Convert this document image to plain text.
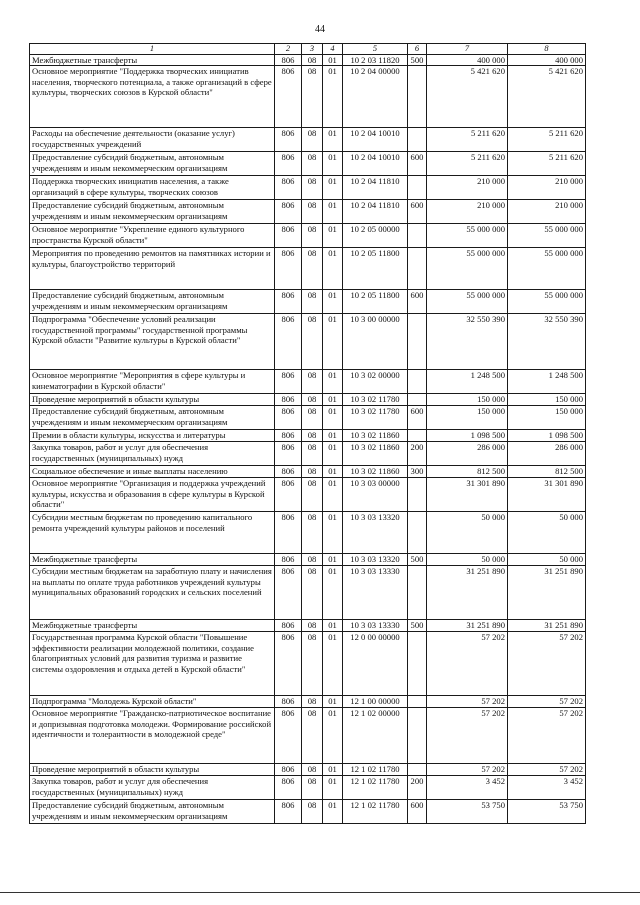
44
1	2	3	4	5	6	7	8
Межбюджетные трансферты	806	08	01	10 2 03 11820	500	400 000	400 000
Основное мероприятие "Поддержка творческих инициатив населения, творческого потенциала, а также организаций в сфере культуры, творческих союзов в Курской области"	806	08	01	10 2 04 00000		5 421 620	5 421 620
Расходы на обеспечение деятельности (оказание услуг) государственных учреждений	806	08	01	10 2 04 10010		5 211 620	5 211 620
Предоставление субсидий бюджетным, автономным учреждениям и иным некоммерческим организациям	806	08	01	10 2 04 10010	600	5 211 620	5 211 620
Поддержка творческих инициатив населения, а также организаций в сфере культуры, творческих союзов	806	08	01	10 2 04 11810		210 000	210 000
Предоставление субсидий бюджетным, автономным учреждениям и иным некоммерческим организациям	806	08	01	10 2 04 11810	600	210 000	210 000
Основное мероприятие "Укрепление единого культурного пространства Курской области"	806	08	01	10 2 05 00000		55 000 000	55 000 000
Мероприятия по проведению ремонтов на памятниках истории и культуры, благоустройство территорий	806	08	01	10 2 05 11800		55 000 000	55 000 000
Предоставление субсидий бюджетным, автономным учреждениям и иным некоммерческим организациям	806	08	01	10 2 05 11800	600	55 000 000	55 000 000
Подпрограмма "Обеспечение условий реализации государственной программы" государственной программы Курской области "Развитие культуры в Курской области"	806	08	01	10 3 00 00000		32 550 390	32 550 390
Основное мероприятие "Мероприятия в сфере культуры и кинематографии в Курской области"	806	08	01	10 3 02 00000		1 248 500	1 248 500
Проведение мероприятий в области культуры	806	08	01	10 3 02 11780		150 000	150 000
Предоставление субсидий бюджетным, автономным учреждениям и иным некоммерческим организациям	806	08	01	10 3 02 11780	600	150 000	150 000
Премии в области культуры, искусства и литературы	806	08	01	10 3 02 11860		1 098 500	1 098 500
Закупка товаров, работ и услуг для обеспечения государственных (муниципальных) нужд	806	08	01	10 3 02 11860	200	286 000	286 000
Социальное обеспечение и иные выплаты населению	806	08	01	10 3 02 11860	300	812 500	812 500
Основное мероприятие "Организация и поддержка учреждений культуры, искусства и образования в сфере культуры в Курской области"	806	08	01	10 3 03 00000		31 301 890	31 301 890
Субсидии местным бюджетам по проведению капитального ремонта учреждений культуры районов и поселений	806	08	01	10 3 03 13320		50 000	50 000
Межбюджетные трансферты	806	08	01	10 3 03 13320	500	50 000	50 000
Субсидии местным бюджетам на заработную плату и начисления на выплаты по оплате труда работников учреждений культуры муниципальных образований городских и сельских поселений	806	08	01	10 3 03 13330		31 251 890	31 251 890
Межбюджетные трансферты	806	08	01	10 3 03 13330	500	31 251 890	31 251 890
Государственная программа Курской области "Повышение эффективности реализации молодежной политики, создание благоприятных условий для развития туризма и развитие системы оздоровления и отдыха детей в Курской области"	806	08	01	12 0 00 00000		57 202	57 202
Подпрограмма "Молодежь Курской области"	806	08	01	12 1 00 00000		57 202	57 202
Основное мероприятие "Гражданско-патриотическое воспитание и допризывная подготовка молодежи. Формирование российской идентичности и толерантности в молодежной среде"	806	08	01	12 1 02 00000		57 202	57 202
Проведение мероприятий в области культуры	806	08	01	12 1 02 11780		57 202	57 202
Закупка товаров, работ и услуг для обеспечения государственных (муниципальных) нужд	806	08	01	12 1 02 11780	200	3 452	3 452
Предоставление субсидий бюджетным, автономным учреждениям и иным некоммерческим организациям	806	08	01	12 1 02 11780	600	53 750	53 750
